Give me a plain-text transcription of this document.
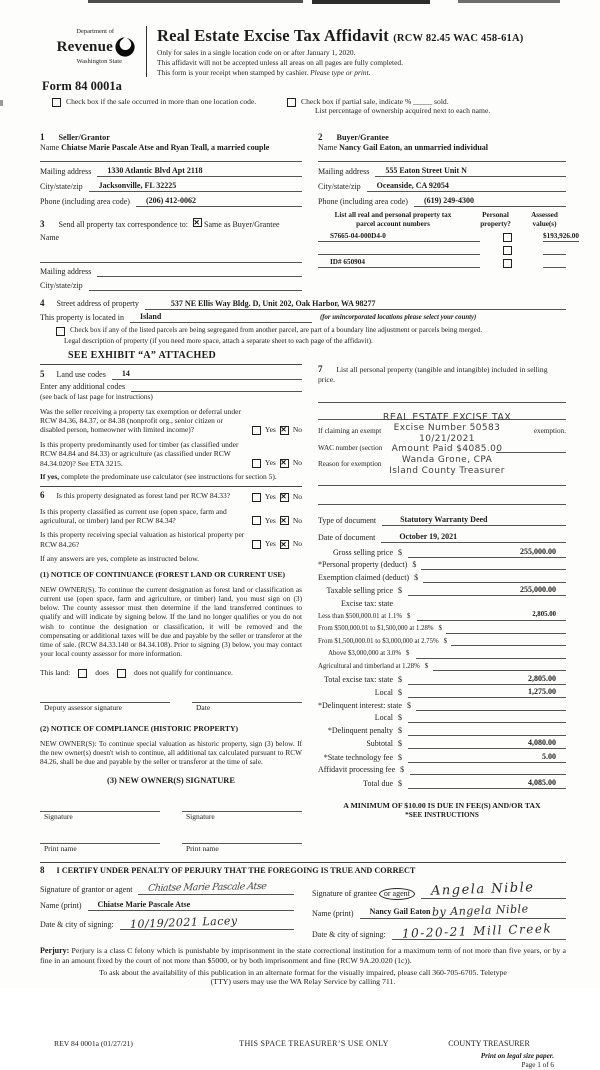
Department of
Revenue
Washington State
Real Estate Excise Tax Affidavit (RCW 82.45 WAC 458-61A)
Only for sales in a single location code on or after January 1, 2020.
This affidavit will not be accepted unless all areas on all pages are fully completed.
This form is your receipt when stamped by cashier. Please type or print.
Form 84 0001a
Check box if the sale occurred in more than one location code.	Check box if partial sale, indicate % _____ sold.
List percentage of ownership acquired next to each name.
1 Seller/Grantor
Name Chiatse Marie Pascale Atse and Ryan Teall, a married couple
Mailing address	1330 Atlantic Blvd Apt 2118
City/state/zip	Jacksonville, FL 32225
Phone (including area code)	(206) 412-0062
3 Send all property tax correspondence to: ✕ Same as Buyer/Grantee
Name
Mailing address
City/state/zip
2 Buyer/Grantee
Name Nancy Gail Eaton, an unmarried individual
Mailing address	555 Eaton Street Unit N
City/state/zip	Oceanside, CA 92054
Phone (including area code)	(619) 249-4300
List all real and personal property tax
parcel account numbers
Personal
property?
Assessed
value(s)
S7665-04-000D4-0	$193,926.00
ID# 650904
4 Street address of property	537 NE Ellis Way Bldg. D, Unit 202, Oak Harbor, WA 98277
This property is located in	Island	(for unincorporated locations please select your county)
Check box if any of the listed parcels are being segregated from another parcel, are part of a boundary line adjustment or parcels being merged.
Legal description of property (if you need more space, attach a separate sheet to each page of the affidavit).
SEE EXHIBIT “A” ATTACHED
5 Land use codes	14
Enter any additional codes
(see back of last page for instructions)
Was the seller receiving a property tax exemption or deferral under RCW 84.36, 84.37, or 84.38 (nonprofit org., senior citizen or disabled person, homeowner with limited income)?	Yes ✕ No
Is this property predominantly used for timber (as classified under RCW 84.84 and 84.33) or agriculture (as classified under RCW 84.34.020)? See ETA 3215.	Yes ✕ No
If yes, complete the predominate use calculator (see instructions for section 5).
6 Is this property designated as forest land per RCW 84.33?	Yes ✕ No
Is this property classified as current use (open space, farm and agricultural, or timber) land per RCW 84.34?	Yes ✕ No
Is this property receiving special valuation as historical property per RCW 84.26?	Yes ✕ No
If any answers are yes, complete as instructed below.
(1) NOTICE OF CONTINUANCE (FOREST LAND OR CURRENT USE)
NEW OWNER(S). To continue the current designation as forest land or classification as current use (open space, farm and agriculture, or timber) land, you must sign on (3) below. The county assessor must then determine if the land transferred continues to qualify and will indicate by signing below. If the land no longer qualifies or you do not wish to continue the designation or classification, it will be removed and the compensating or additional taxes will be due and payable by the seller or transferor at the time of sale. (RCW 84.33.140 or 84.34.108). Prior to signing (3) below, you may contact your local county assessor for more information.
This land:	does	does not qualify for continuance.
Deputy assessor signature	Date
(2) NOTICE OF COMPLIANCE (HISTORIC PROPERTY)
NEW OWNER(S): To continue special valuation as historic property, sign (3) below. If the new owner(s) doesn't wish to continue, all additional tax calculated pursuant to RCW 84.26, shall be due and payable by the seller or transferor at the time of sale.
(3) NEW OWNER(S) SIGNATURE
Signature	Signature
Print name	Print name
7 List all personal property (tangible and intangible) included in selling price.
If claiming an exempt	exemption.
WAC number (section
Reason for exemption
REAL ESTATE EXCISE TAX
Excise Number 50583
10/21/2021
Amount Paid $4085.00
Wanda Grone, CPA
Island County Treasurer
Type of document	Statutory Warranty Deed
Date of document	October 19, 2021
Gross selling price $	255,000.00
*Personal property (deduct) $
Exemption claimed (deduct) $
Taxable selling price $	255,000.00
Excise tax: state
Less than $500,000.01 at 1.1% $	2,805.00
From $500,000.01 to $1,500,000 at 1.28% $
From $1,500,000.01 to $3,000,000 at 2.75% $
Above $3,000,000 at 3.0% $
Agricultural and timberland at 1.28% $
Total excise tax: state $	2,805.00
Local $	1,275.00
*Delinquent interest: state $
Local $
*Delinquent penalty $
Subtotal $	4,080.00
*State technology fee $	5.00
Affidavit processing fee $
Total due $	4,085.00
A MINIMUM OF $10.00 IS DUE IN FEE(S) AND/OR TAX
*SEE INSTRUCTIONS
8 I CERTIFY UNDER PENALTY OF PERJURY THAT THE FOREGOING IS TRUE AND CORRECT
Signature of grantor or agent	Chiatse Marie Pascale Atse
Name (print)	Chiatse Marie Pascale Atse
Date & city of signing:	10/19/2021 Lacey
Signature of grantee or agent	Angela Nible
Name (print)	Nancy Gail Eaton by Angela Nible
Date & city of signing:	10-20-21 Mill Creek
Perjury: Perjury is a class C felony which is punishable by imprisonment in the state correctional institution for a maximum term of not more than five years, or by a fine in an amount fixed by the court of not more than $5000, or by both imprisonment and fine (RCW 9A.20.020 (1c)).
To ask about the availability of this publication in an alternate format for the visually impaired, please call 360-705-6705. Teletype
(TTY) users may use the WA Relay Service by calling 711.
REV 84 0001a (01/27/21)	THIS SPACE TREASURER’S USE ONLY	COUNTY TREASURER
Print on legal size paper.
Page 1 of 6
